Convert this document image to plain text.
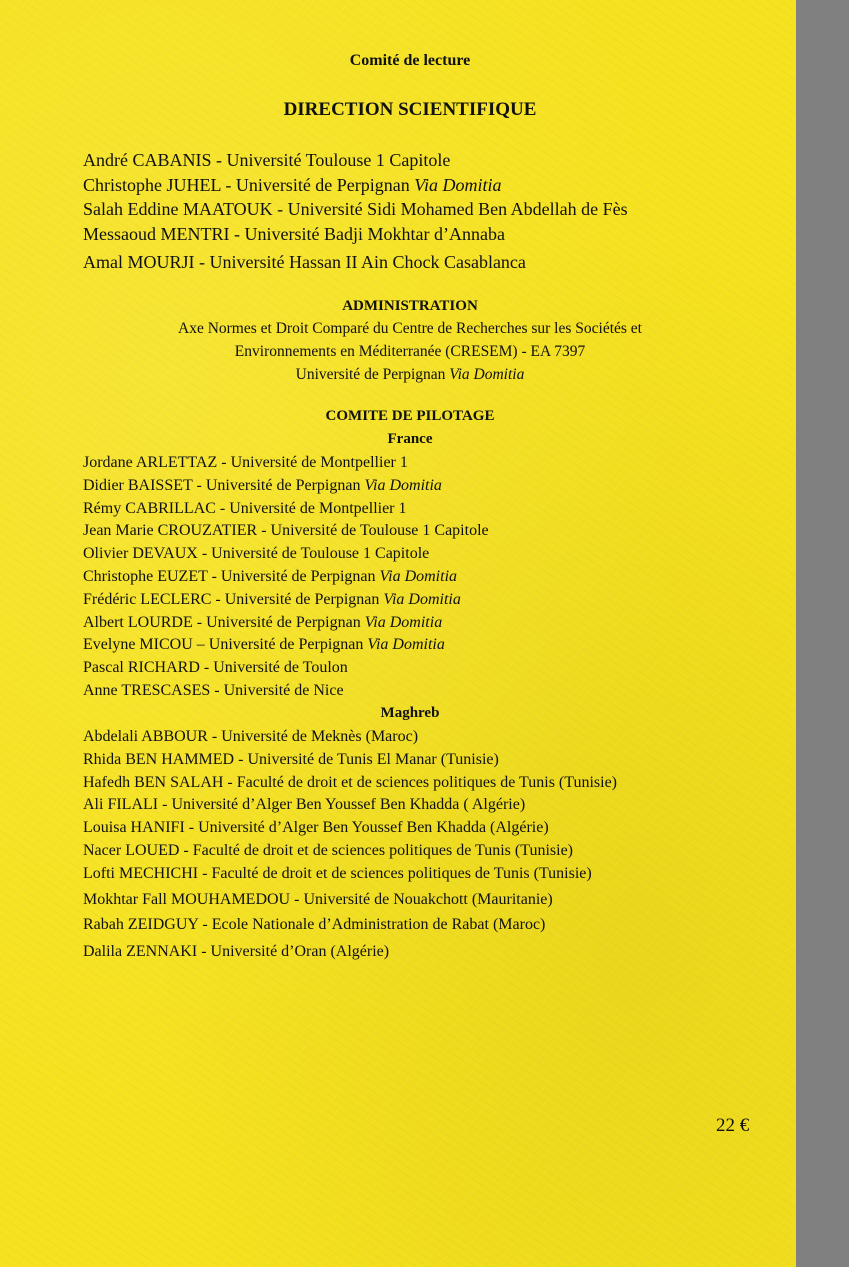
Comité de lecture
DIRECTION SCIENTIFIQUE
André CABANIS - Université Toulouse 1 Capitole
Christophe JUHEL - Université de Perpignan Via Domitia
Salah Eddine MAATOUK - Université Sidi Mohamed Ben Abdellah de Fès
Messaoud MENTRI - Université Badji Mokhtar d’Annaba
Amal MOURJI - Université Hassan II Ain Chock Casablanca
ADMINISTRATION
Axe Normes et Droit Comparé du Centre de Recherches sur les Sociétés et
Environnements en Méditerranée (CRESEM) - EA 7397
Université de Perpignan Via Domitia
COMITE DE PILOTAGE
France
Jordane ARLETTAZ - Université de Montpellier 1
Didier BAISSET - Université de Perpignan Via Domitia
Rémy CABRILLAC - Université de Montpellier 1
Jean Marie CROUZATIER - Université de Toulouse 1 Capitole
Olivier DEVAUX - Université de Toulouse 1 Capitole
Christophe EUZET - Université de Perpignan Via Domitia
Frédéric LECLERC - Université de Perpignan Via Domitia
Albert LOURDE - Université de Perpignan Via Domitia
Evelyne MICOU – Université de Perpignan Via Domitia
Pascal RICHARD - Université de Toulon
Anne TRESCASES - Université de Nice
Maghreb
Abdelali ABBOUR - Université de Meknès (Maroc)
Rhida BEN HAMMED - Université de Tunis El Manar (Tunisie)
Hafedh BEN SALAH - Faculté de droit et de sciences politiques de Tunis (Tunisie)
Ali FILALI - Université d’Alger Ben Youssef Ben Khadda ( Algérie)
Louisa HANIFI - Université d’Alger Ben Youssef Ben Khadda (Algérie)
Nacer LOUED - Faculté de droit et de sciences politiques de Tunis (Tunisie)
Lofti MECHICHI - Faculté de droit et de sciences politiques de Tunis (Tunisie)
Mokhtar Fall MOUHAMEDOU - Université de Nouakchott (Mauritanie)
Rabah ZEIDGUY - Ecole Nationale d’Administration de Rabat (Maroc)
Dalila ZENNAKI - Université d’Oran (Algérie)
22 €
